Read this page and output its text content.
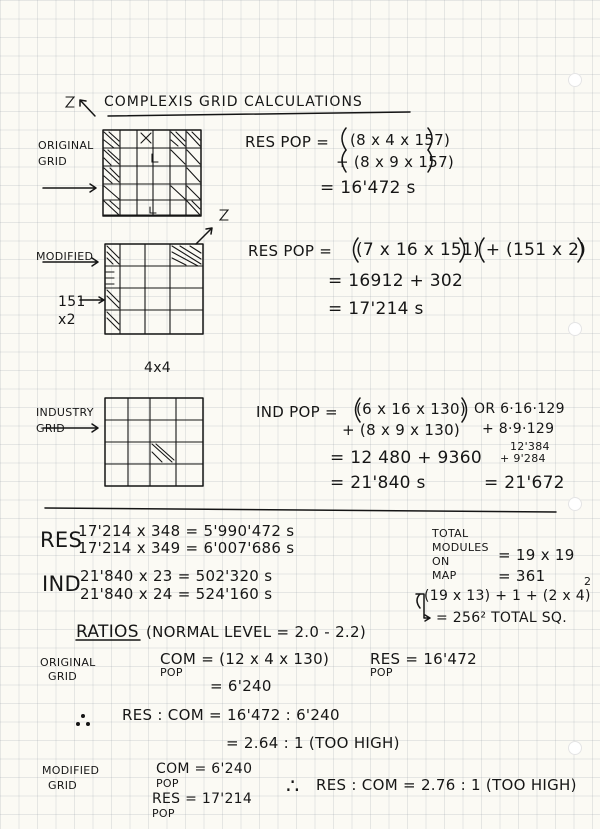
COMPLEXIS GRID CALCULATIONS
ORIGINAL GRID
MODIFIED
151
x2
4x4
INDUSTRY GRID
RES POP = (8 x 4 x 157)
+ (8 x 9 x 157)
= 16'472 s
RES POP = (7 x 16 x 151) + (151 x 2)
= 16912 + 302
= 17'214 s
IND POP = (6 x 16 x 130) OR 6·16·129
+ (8 x 9 x 130) + 8·9·129
12'384
= 12 480 + 9360 + 9'284
= 21'840 s	= 21'672
RES
17'214 x 348 = 5'990'472 s
17'214 x 349 = 6'007'686 s
IND 21'840 x 23 = 502'320 s
21'840 x 24 = 524'160 s
TOTAL
MODULES
ON
MAP
= 19 x 19
= 361
(19 x 13) + 1 + (2 x 4)
2
= 256² TOTAL SQ.
RATIOS (NORMAL LEVEL = 2.0 - 2.2)
ORIGINAL
GRID
COM = (12 x 4 x 130)
POP
RES = 16'472
POP
= 6'240
RES : COM = 16'472 : 6'240
= 2.64 : 1 (TOO HIGH)
MODIFIED
GRID
COM = 6'240
POP
RES = 17'214
POP
∴ RES : COM = 2.76 : 1 (TOO HIGH)
